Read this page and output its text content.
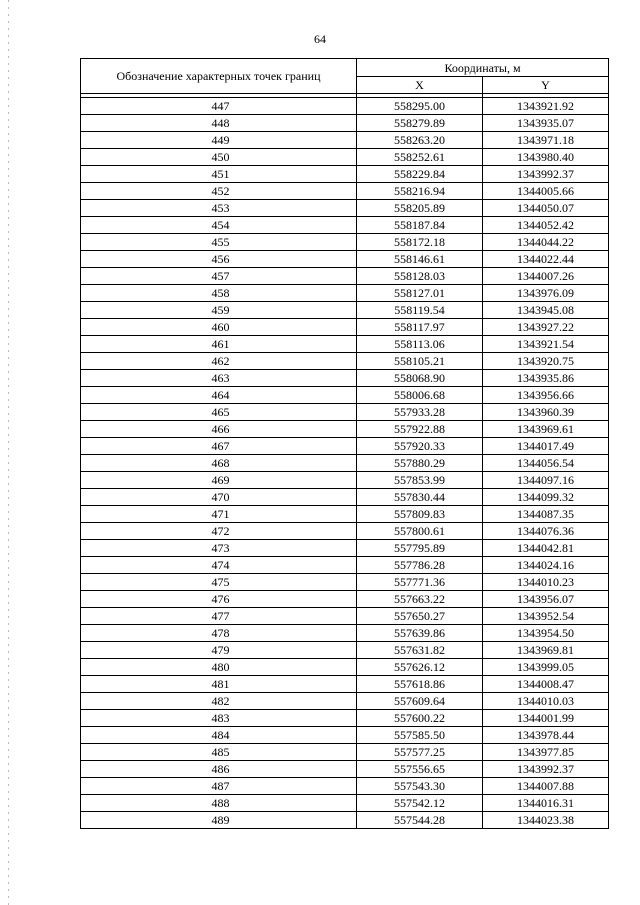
64
Обозначение характерных точек границ	Координаты, м	
	X	Y

447	558295.00	1343921.92
448	558279.89	1343935.07
449	558263.20	1343971.18
450	558252.61	1343980.40
451	558229.84	1343992.37
452	558216.94	1344005.66
453	558205.89	1344050.07
454	558187.84	1344052.42
455	558172.18	1344044.22
456	558146.61	1344022.44
457	558128.03	1344007.26
458	558127.01	1343976.09
459	558119.54	1343945.08
460	558117.97	1343927.22
461	558113.06	1343921.54
462	558105.21	1343920.75
463	558068.90	1343935.86
464	558006.68	1343956.66
465	557933.28	1343960.39
466	557922.88	1343969.61
467	557920.33	1344017.49
468	557880.29	1344056.54
469	557853.99	1344097.16
470	557830.44	1344099.32
471	557809.83	1344087.35
472	557800.61	1344076.36
473	557795.89	1344042.81
474	557786.28	1344024.16
475	557771.36	1344010.23
476	557663.22	1343956.07
477	557650.27	1343952.54
478	557639.86	1343954.50
479	557631.82	1343969.81
480	557626.12	1343999.05
481	557618.86	1344008.47
482	557609.64	1344010.03
483	557600.22	1344001.99
484	557585.50	1343978.44
485	557577.25	1343977.85
486	557556.65	1343992.37
487	557543.30	1344007.88
488	557542.12	1344016.31
489	557544.28	1344023.38
